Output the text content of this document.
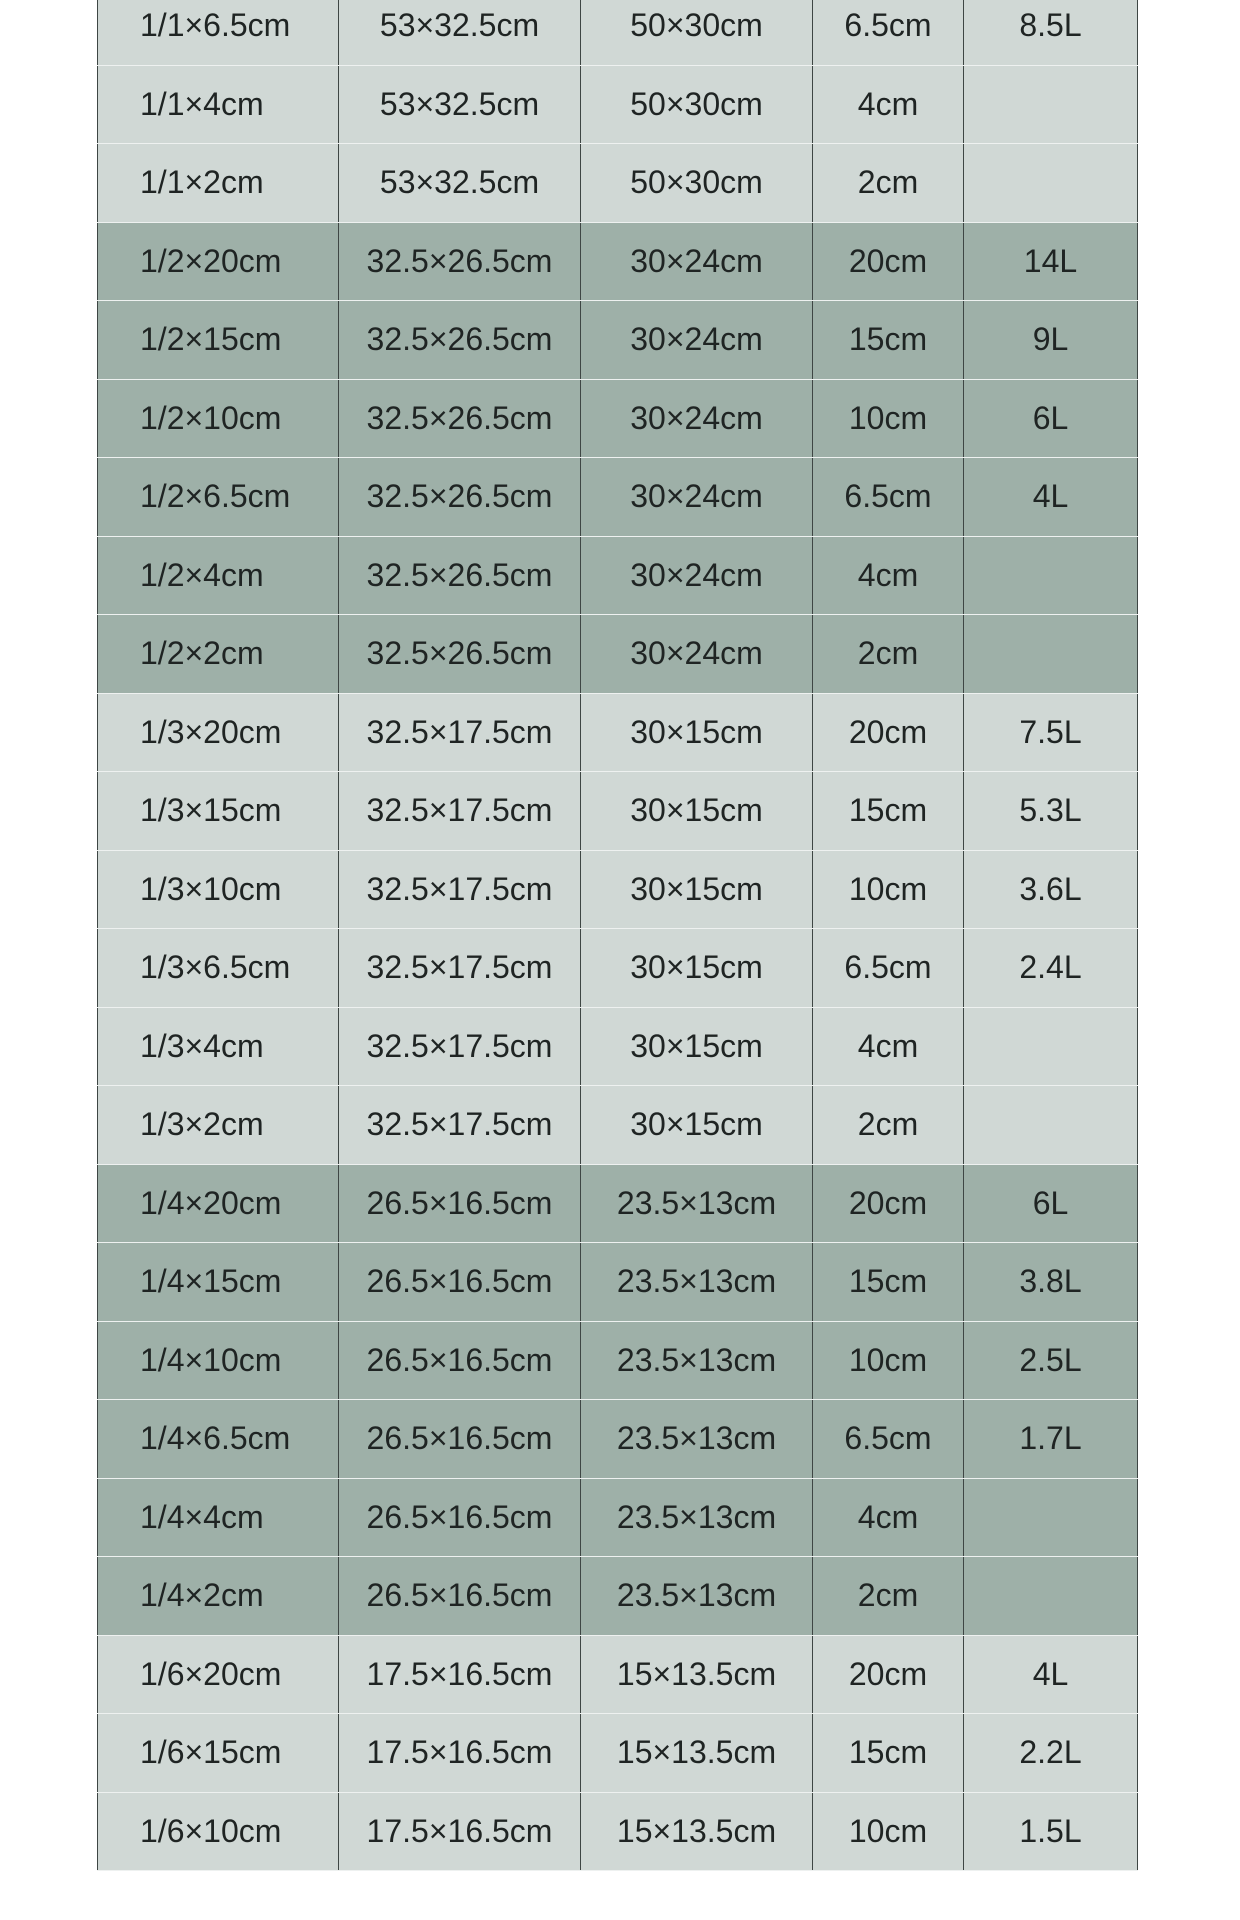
1/1×6.5cm	53×32.5cm	50×30cm	6.5cm	8.5L
1/1×4cm	53×32.5cm	50×30cm	4cm	
1/1×2cm	53×32.5cm	50×30cm	2cm	
1/2×20cm	32.5×26.5cm	30×24cm	20cm	14L
1/2×15cm	32.5×26.5cm	30×24cm	15cm	9L
1/2×10cm	32.5×26.5cm	30×24cm	10cm	6L
1/2×6.5cm	32.5×26.5cm	30×24cm	6.5cm	4L
1/2×4cm	32.5×26.5cm	30×24cm	4cm	
1/2×2cm	32.5×26.5cm	30×24cm	2cm	
1/3×20cm	32.5×17.5cm	30×15cm	20cm	7.5L
1/3×15cm	32.5×17.5cm	30×15cm	15cm	5.3L
1/3×10cm	32.5×17.5cm	30×15cm	10cm	3.6L
1/3×6.5cm	32.5×17.5cm	30×15cm	6.5cm	2.4L
1/3×4cm	32.5×17.5cm	30×15cm	4cm	
1/3×2cm	32.5×17.5cm	30×15cm	2cm	
1/4×20cm	26.5×16.5cm	23.5×13cm	20cm	6L
1/4×15cm	26.5×16.5cm	23.5×13cm	15cm	3.8L
1/4×10cm	26.5×16.5cm	23.5×13cm	10cm	2.5L
1/4×6.5cm	26.5×16.5cm	23.5×13cm	6.5cm	1.7L
1/4×4cm	26.5×16.5cm	23.5×13cm	4cm	
1/4×2cm	26.5×16.5cm	23.5×13cm	2cm	
1/6×20cm	17.5×16.5cm	15×13.5cm	20cm	4L
1/6×15cm	17.5×16.5cm	15×13.5cm	15cm	2.2L
1/6×10cm	17.5×16.5cm	15×13.5cm	10cm	1.5L
